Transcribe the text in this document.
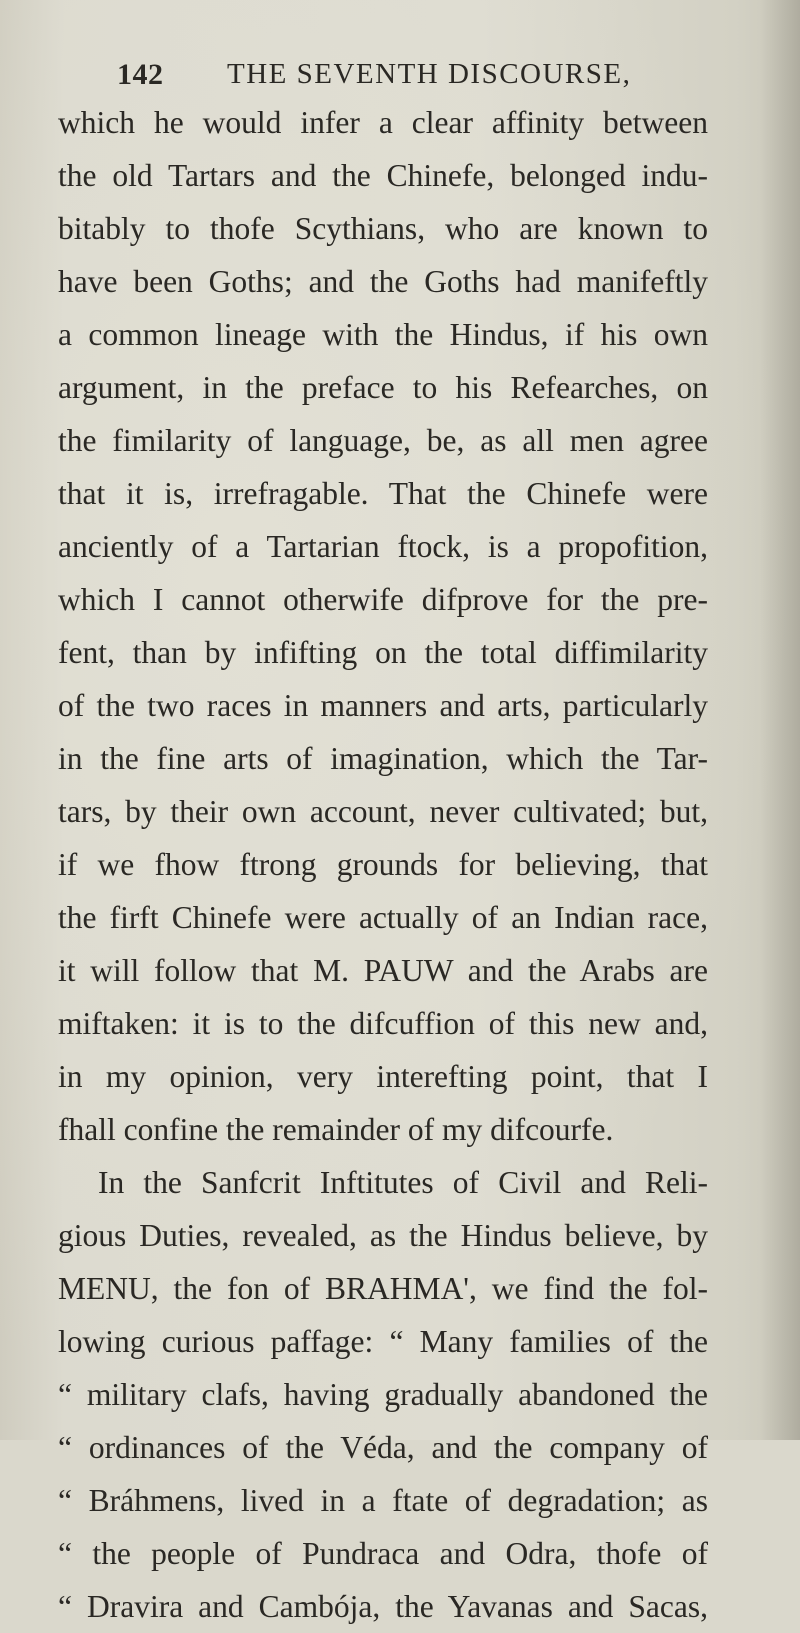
142 THE SEVENTH DISCOURSE,
which he would infer a clear affinity between
the old Tartars and the Chinefe, belonged indu-
bitably to thofe Scythians, who are known to
have been Goths; and the Goths had manifeftly
a common lineage with the Hindus, if his own
argument, in the preface to his Refearches, on
the fimilarity of language, be, as all men agree
that it is, irrefragable. That the Chinefe were
anciently of a Tartarian ftock, is a propofition,
which I cannot otherwife difprove for the pre-
fent, than by infifting on the total diffimilarity
of the two races in manners and arts, particularly
in the fine arts of imagination, which the Tar-
tars, by their own account, never cultivated; but,
if we fhow ftrong grounds for believing, that
the firft Chinefe were actually of an Indian race,
it will follow that M. PAUW and the Arabs are
miftaken: it is to the difcuffion of this new and,
in my opinion, very interefting point, that I
fhall confine the remainder of my difcourfe.
In the Sanfcrit Inftitutes of Civil and Reli-
gious Duties, revealed, as the Hindus believe, by
MENU, the fon of BRAHMA', we find the fol-
lowing curious paffage: “ Many families of the
“ military clafs, having gradually abandoned the
“ ordinances of the Véda, and the company of
“ Bráhmens, lived in a ftate of degradation; as
“ the people of Pundraca and Odra, thofe of
“ Dravira and Cambója, the Yavanas and Sacas,
